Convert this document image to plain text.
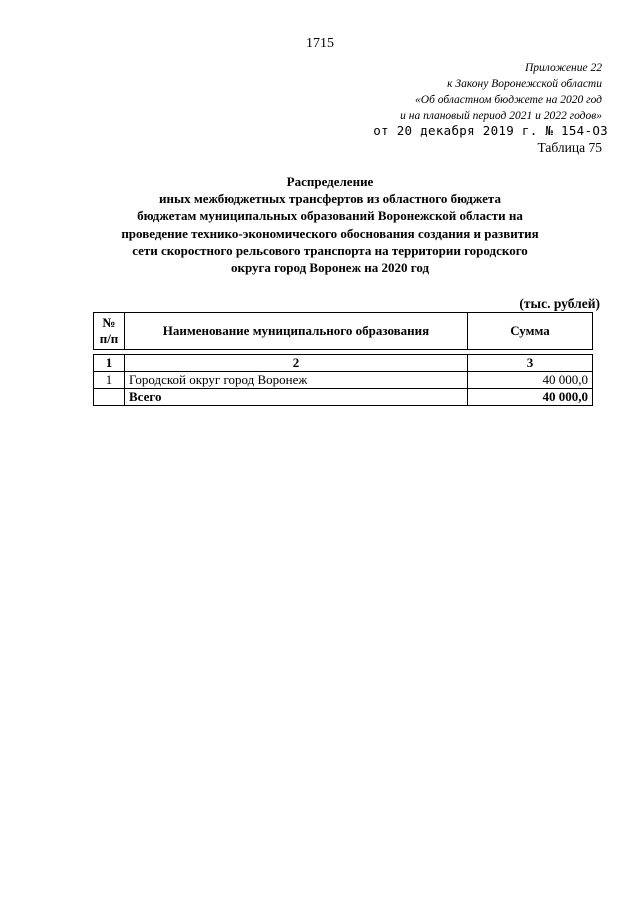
1715
Приложение 22
к Закону Воронежской области
«Об областном бюджете на 2020 год
и на плановый период 2021 и 2022 годов»
от 20 декабря 2019 г. № 154-ОЗ
Таблица 75
Распределение
иных межбюджетных трансфертов из областного бюджета
бюджетам муниципальных образований Воронежской области на
проведение технико-экономического обоснования создания и развития
сети скоростного рельсового транспорта на территории городского
округа город Воронеж на 2020 год
(тыс. рублей)
№
п/п
	Наименование муниципального образования	Сумма
1	2	3
1	Городской округ город Воронеж	40 000,0
	Всего	40 000,0
